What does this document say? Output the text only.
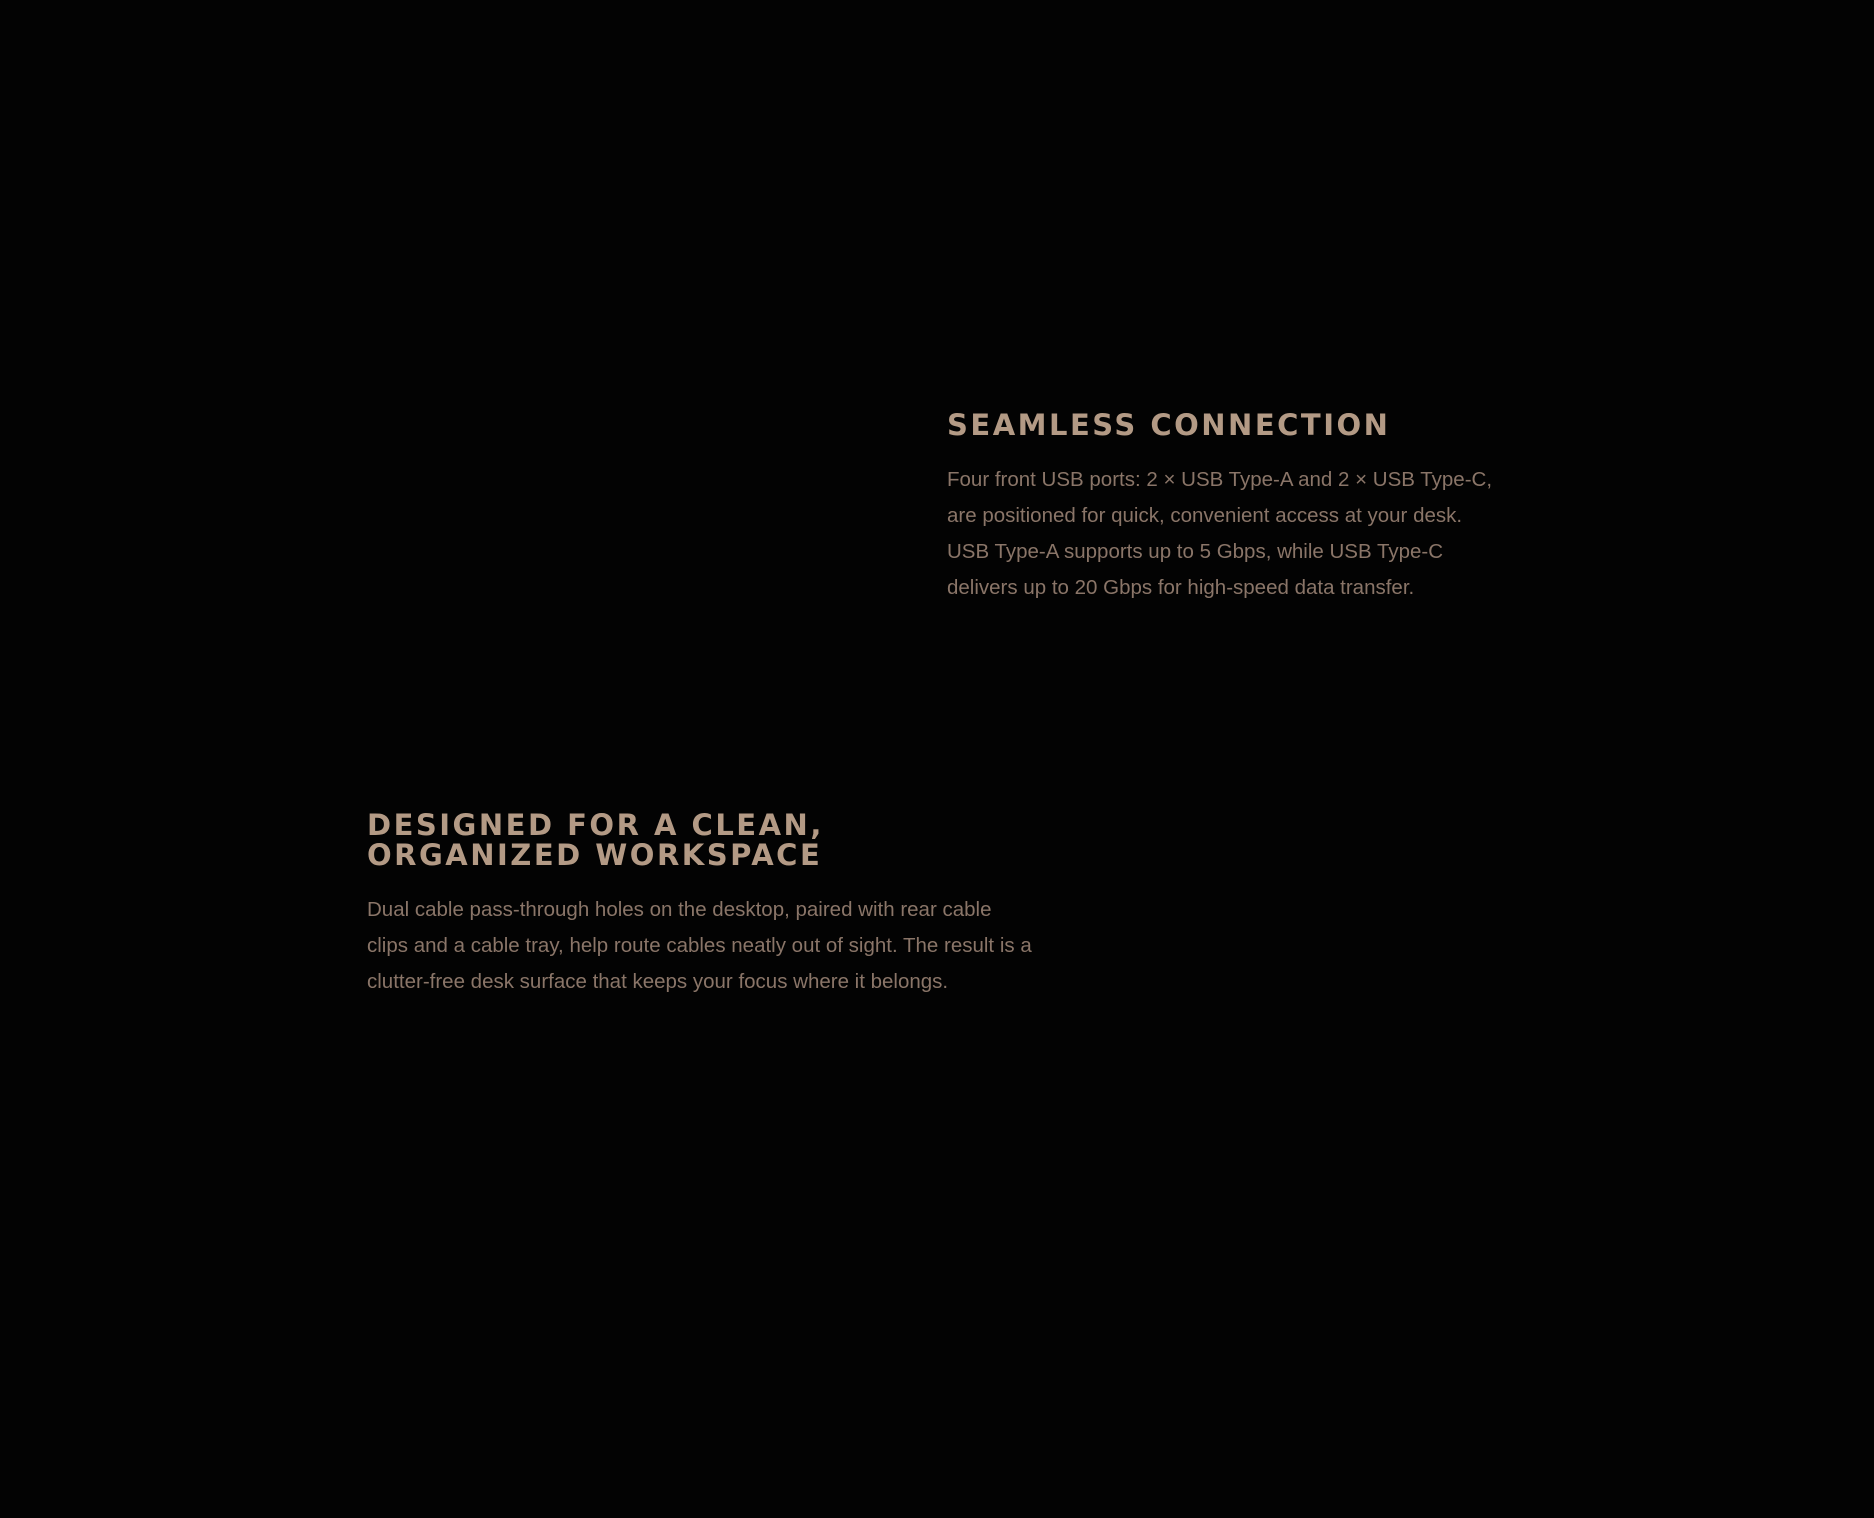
SEAMLESS CONNECTION

Four front USB ports: 2 × USB Type-A and 2 × USB Type-C,
are positioned for quick, convenient access at your desk.
USB Type-A supports up to 5 Gbps, while USB Type-C
delivers up to 20 Gbps for high-speed data transfer.

DESIGNED FOR A CLEAN,
ORGANIZED WORKSPACE

Dual cable pass-through holes on the desktop, paired with rear cable
clips and a cable tray, help route cables neatly out of sight. The result is a
clutter-free desk surface that keeps your focus where it belongs.
